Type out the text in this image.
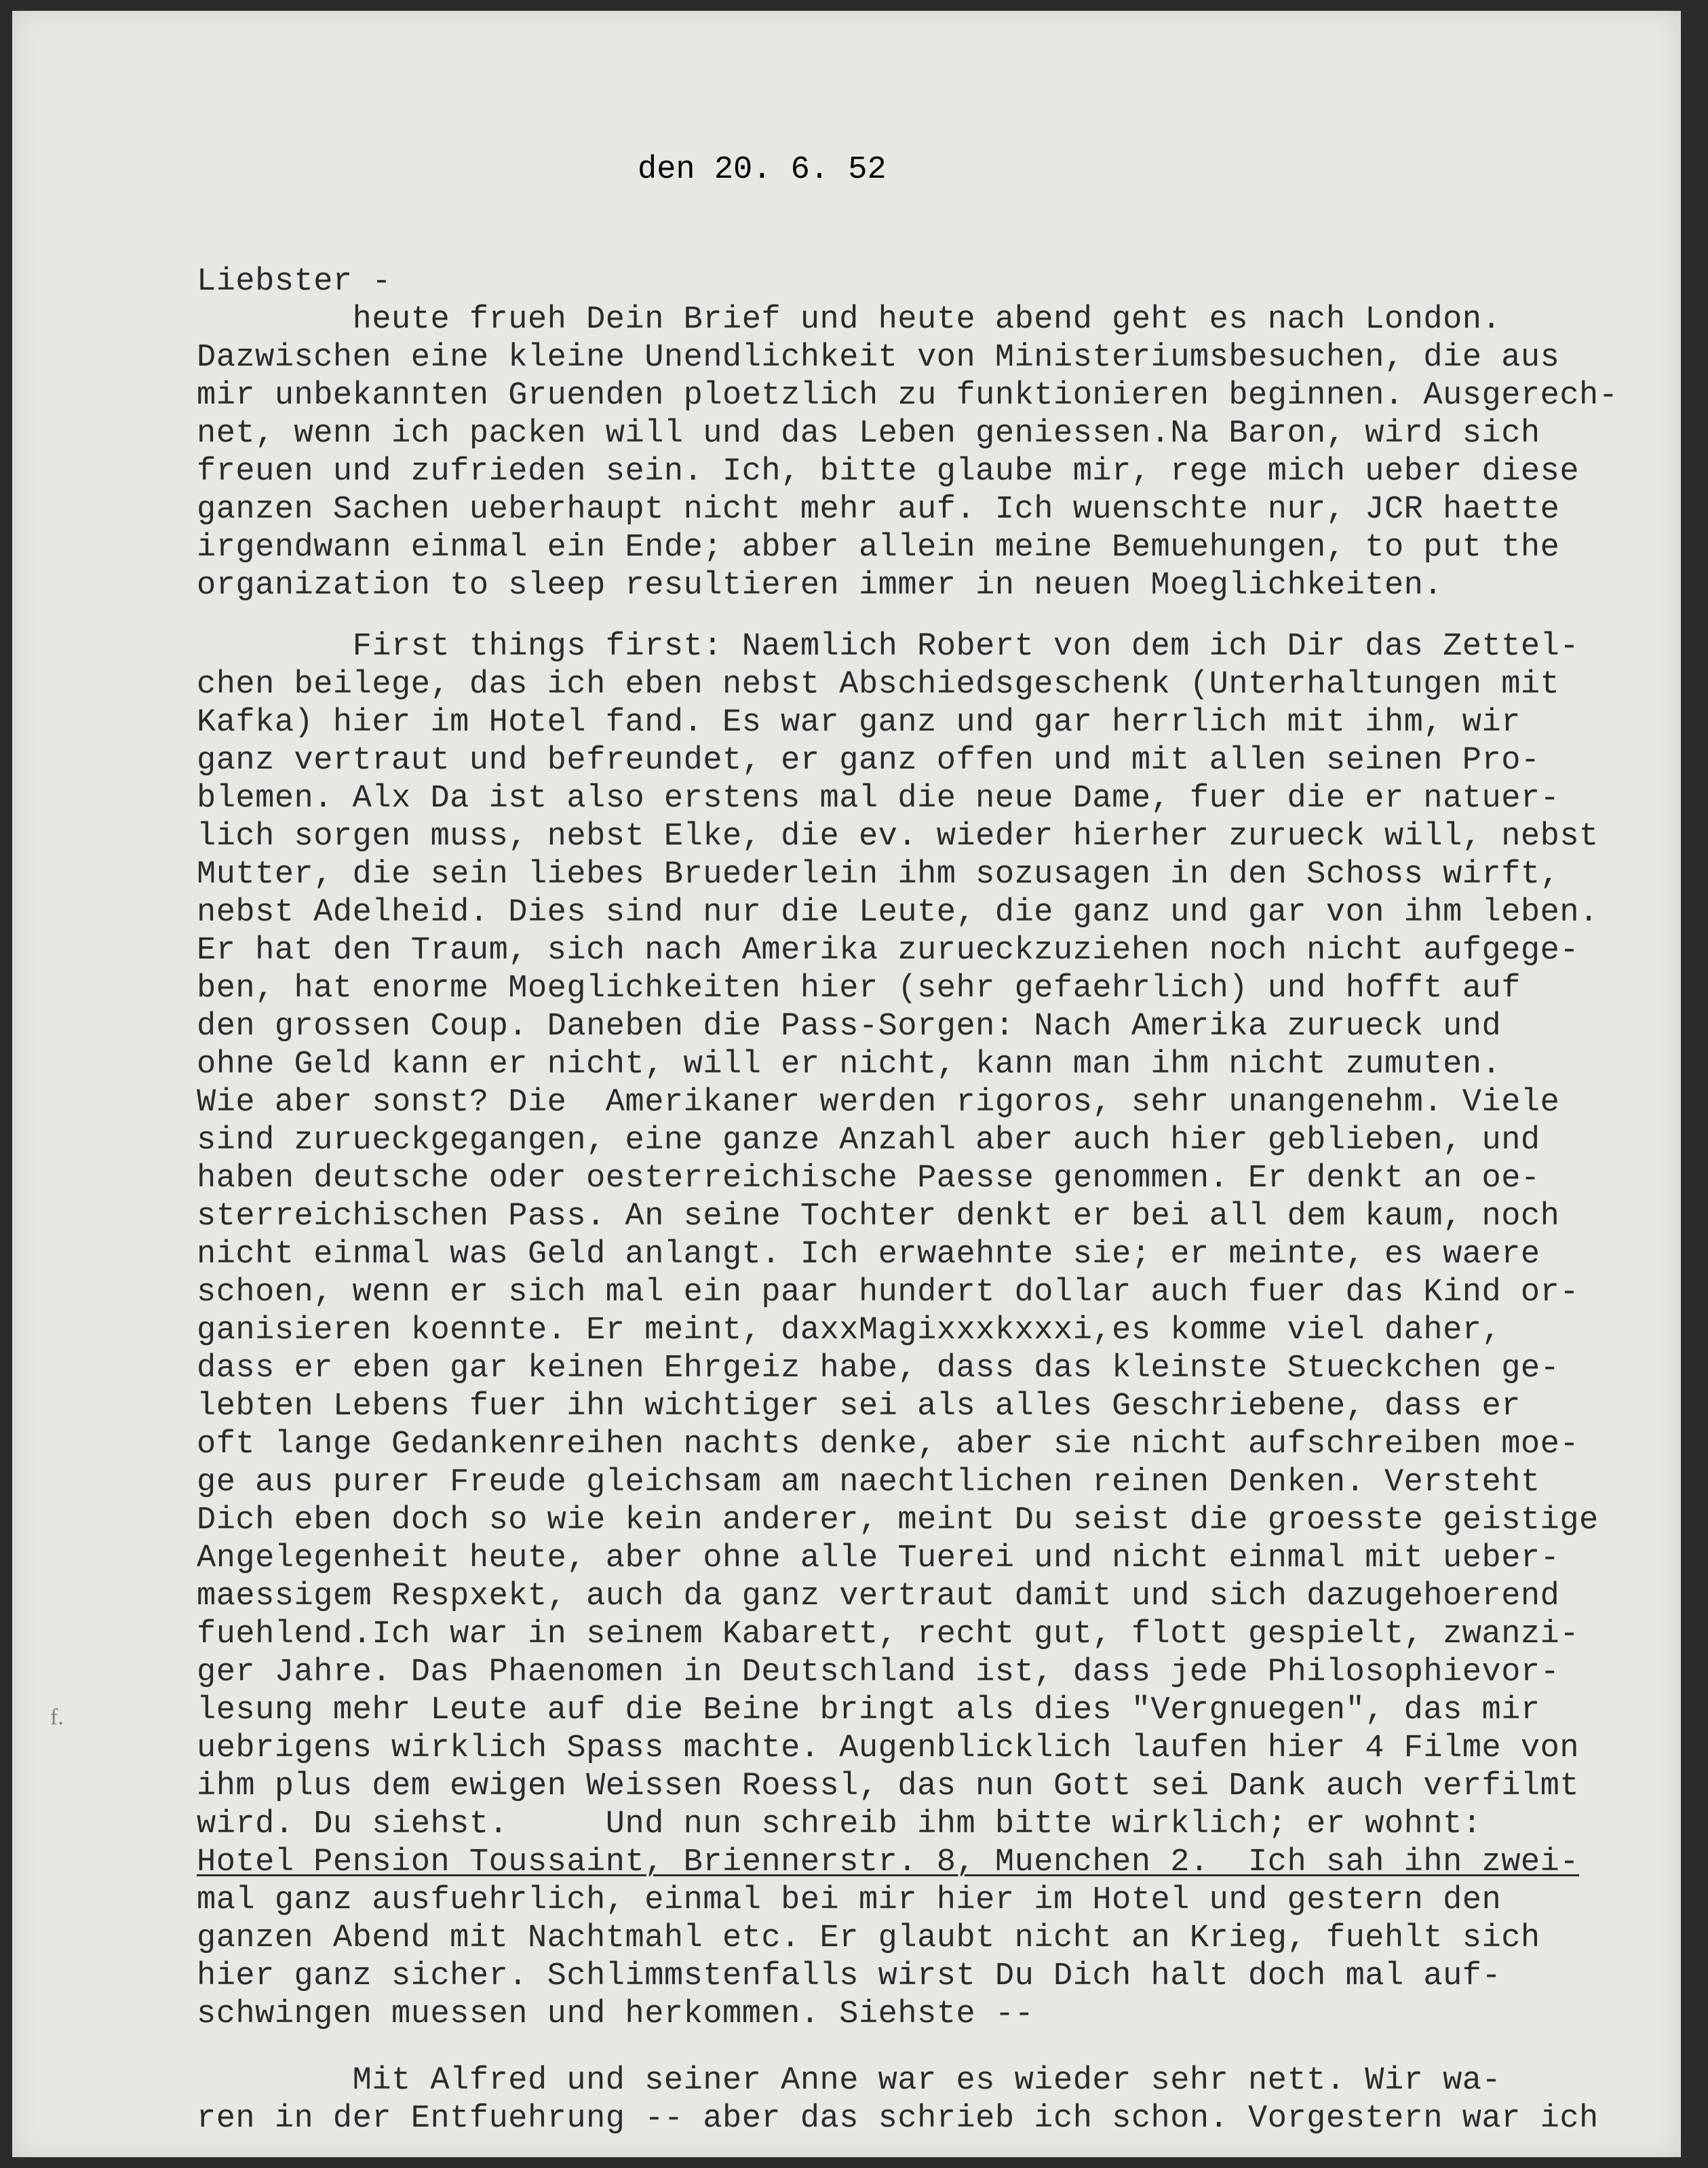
den 20. 6. 52
f.

Liebster -

heute frueh Dein Brief und heute abend geht es nach London.

Dazwischen eine kleine Unendlichkeit von Ministeriumsbesuchen, die aus

mir unbekannten Gruenden ploetzlich zu funktionieren beginnen. Ausgerech-

net, wenn ich packen will und das Leben geniessen.Na Baron, wird sich

freuen und zufrieden sein. Ich, bitte glaube mir, rege mich ueber diese

ganzen Sachen ueberhaupt nicht mehr auf. Ich wuenschte nur, JCR haette

irgendwann einmal ein Ende; abber allein meine Bemuehungen, to put the

organization to sleep resultieren immer in neuen Moeglichkeiten.

First things first: Naemlich Robert von dem ich Dir das Zettel-

chen beilege, das ich eben nebst Abschiedsgeschenk (Unterhaltungen mit

Kafka) hier im Hotel fand. Es war ganz und gar herrlich mit ihm, wir

ganz vertraut und befreundet, er ganz offen und mit allen seinen Pro-

blemen. Alx Da ist also erstens mal die neue Dame, fuer die er natuer-

lich sorgen muss, nebst Elke, die ev. wieder hierher zurueck will, nebst

Mutter, die sein liebes Bruederlein ihm sozusagen in den Schoss wirft,

nebst Adelheid. Dies sind nur die Leute, die ganz und gar von ihm leben.

Er hat den Traum, sich nach Amerika zurueckzuziehen noch nicht aufgege-

ben, hat enorme Moeglichkeiten hier (sehr gefaehrlich) und hofft auf

den grossen Coup. Daneben die Pass-Sorgen: Nach Amerika zurueck und

ohne Geld kann er nicht, will er nicht, kann man ihm nicht zumuten.

Wie aber sonst? Die  Amerikaner werden rigoros, sehr unangenehm. Viele

sind zurueckgegangen, eine ganze Anzahl aber auch hier geblieben, und

haben deutsche oder oesterreichische Paesse genommen. Er denkt an oe-

sterreichischen Pass. An seine Tochter denkt er bei all dem kaum, noch

nicht einmal was Geld anlangt. Ich erwaehnte sie; er meinte, es waere

schoen, wenn er sich mal ein paar hundert dollar auch fuer das Kind or-

ganisieren koennte. Er meint, daxxMagixxxkxxxi,es komme viel daher,

dass er eben gar keinen Ehrgeiz habe, dass das kleinste Stueckchen ge-

lebten Lebens fuer ihn wichtiger sei als alles Geschriebene, dass er

oft lange Gedankenreihen nachts denke, aber sie nicht aufschreiben moe-

ge aus purer Freude gleichsam am naechtlichen reinen Denken. Versteht

Dich eben doch so wie kein anderer, meint Du seist die groesste geistige

Angelegenheit heute, aber ohne alle Tuerei und nicht einmal mit ueber-

maessigem Respxekt, auch da ganz vertraut damit und sich dazugehoerend

fuehlend.Ich war in seinem Kabarett, recht gut, flott gespielt, zwanzi-

ger Jahre. Das Phaenomen in Deutschland ist, dass jede Philosophievor-

lesung mehr Leute auf die Beine bringt als dies "Vergnuegen", das mir

uebrigens wirklich Spass machte. Augenblicklich laufen hier 4 Filme von

ihm plus dem ewigen Weissen Roessl, das nun Gott sei Dank auch verfilmt

wird. Du siehst.     Und nun schreib ihm bitte wirklich; er wohnt:

Hotel Pension Toussaint, Briennerstr. 8, Muenchen 2.  Ich sah ihn zwei-

mal ganz ausfuehrlich, einmal bei mir hier im Hotel und gestern den

ganzen Abend mit Nachtmahl etc. Er glaubt nicht an Krieg, fuehlt sich

hier ganz sicher. Schlimmstenfalls wirst Du Dich halt doch mal auf-

schwingen muessen und herkommen. Siehste --

Mit Alfred und seiner Anne war es wieder sehr nett. Wir wa-

ren in der Entfuehrung -- aber das schrieb ich schon. Vorgestern war ich
